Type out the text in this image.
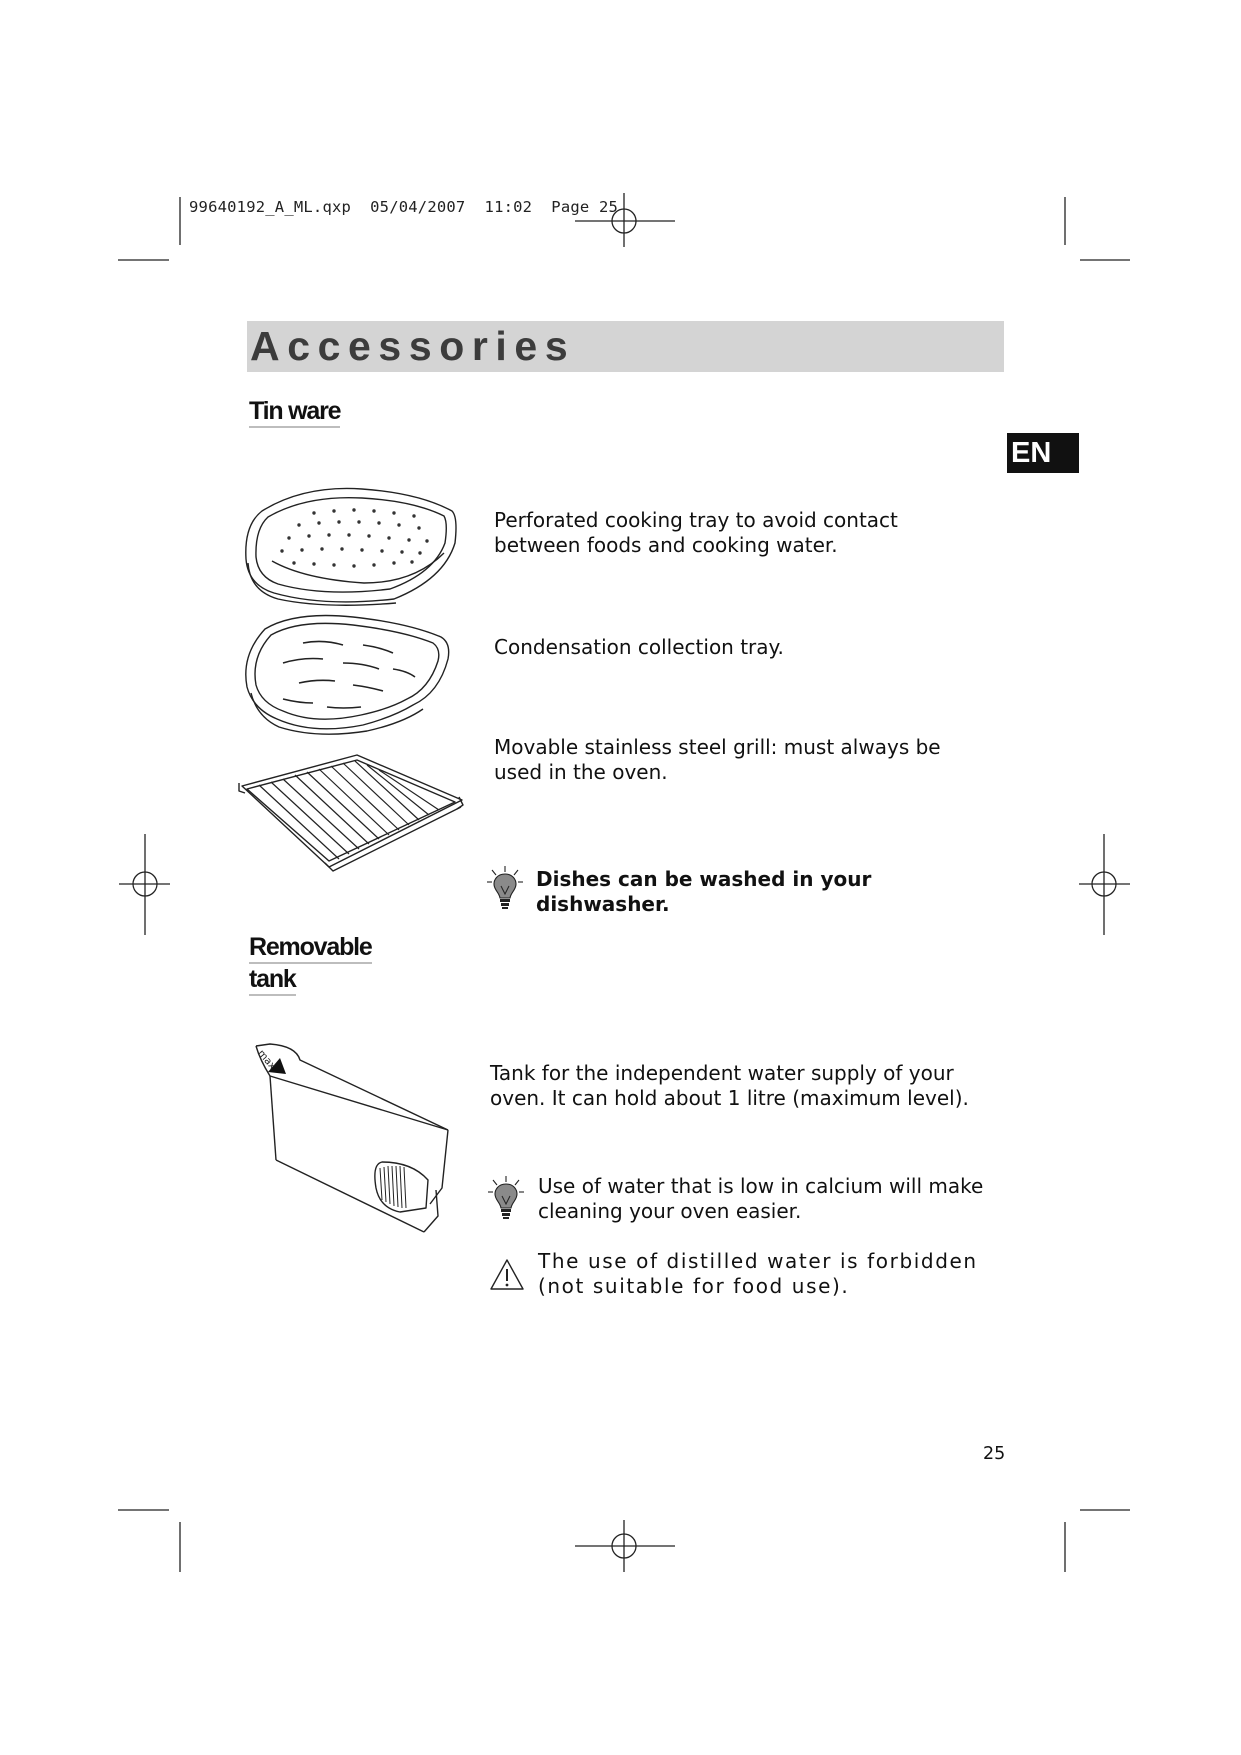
99640192_A_ML.qxp 05/04/2007 11:02 Page 25
Accessories
EN
Tin ware
Perforated cooking tray to avoid contact between foods and cooking water.
Condensation collection tray.
Movable stainless steel grill: must always be used in the oven.
Dishes can be washed in your dishwasher.
Removable
tank
max
Tank for the independent water supply of your oven. It can hold about 1 litre (maximum level).
Use of water that is low in calcium will make cleaning your oven easier.
The use of distilled water is forbidden (not suitable for food use).
25
